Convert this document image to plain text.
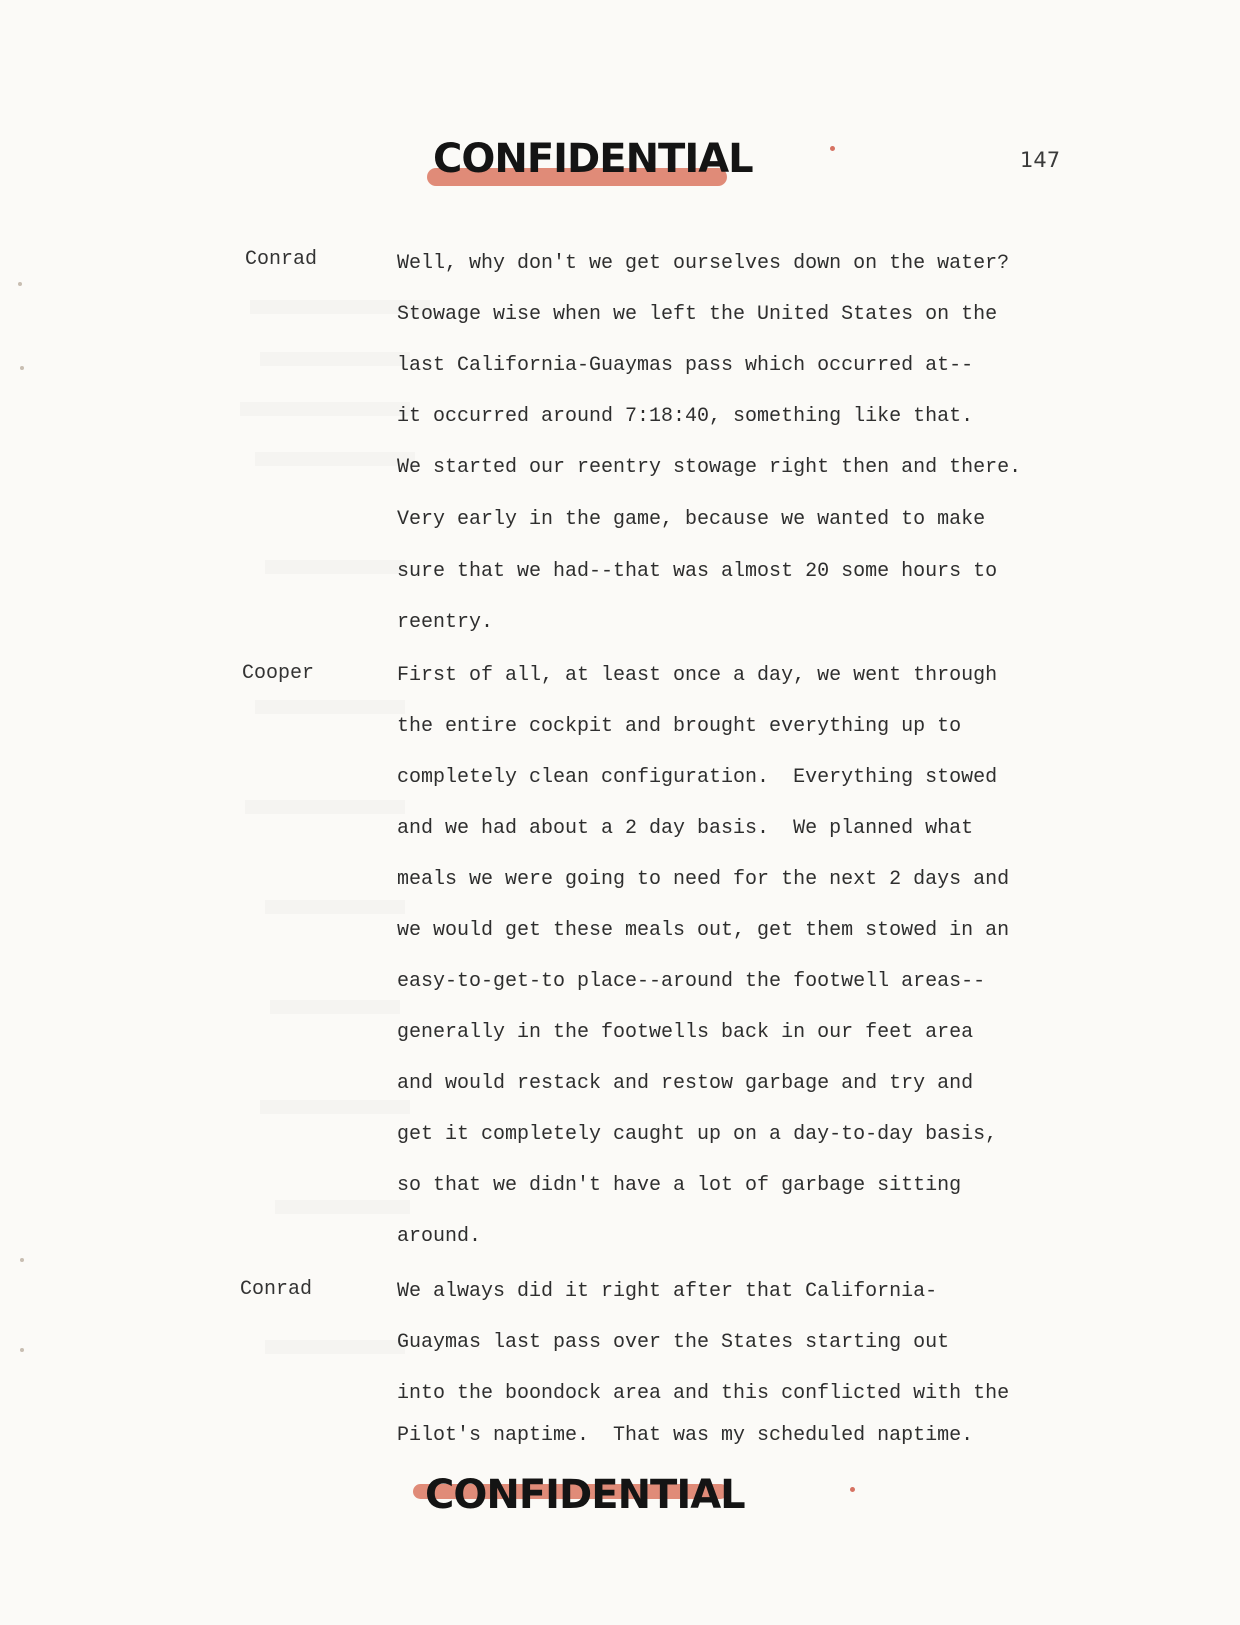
CONFIDENTIAL	147
Conrad	Well, why don't we get ourselves down on the water?
Stowage wise when we left the United States on the
last California-Guaymas pass which occurred at--
it occurred around 7:18:40, something like that.
We started our reentry stowage right then and there.
Very early in the game, because we wanted to make
sure that we had--that was almost 20 some hours to
reentry.
Cooper	First of all, at least once a day, we went through
the entire cockpit and brought everything up to
completely clean configuration.  Everything stowed
and we had about a 2 day basis.  We planned what
meals we were going to need for the next 2 days and
we would get these meals out, get them stowed in an
easy-to-get-to place--around the footwell areas--
generally in the footwells back in our feet area
and would restack and restow garbage and try and
get it completely caught up on a day-to-day basis,
so that we didn't have a lot of garbage sitting
around.
Conrad	We always did it right after that California-
Guaymas last pass over the States starting out
into the boondock area and this conflicted with the
Pilot's naptime.  That was my scheduled naptime.
CONFIDENTIAL
